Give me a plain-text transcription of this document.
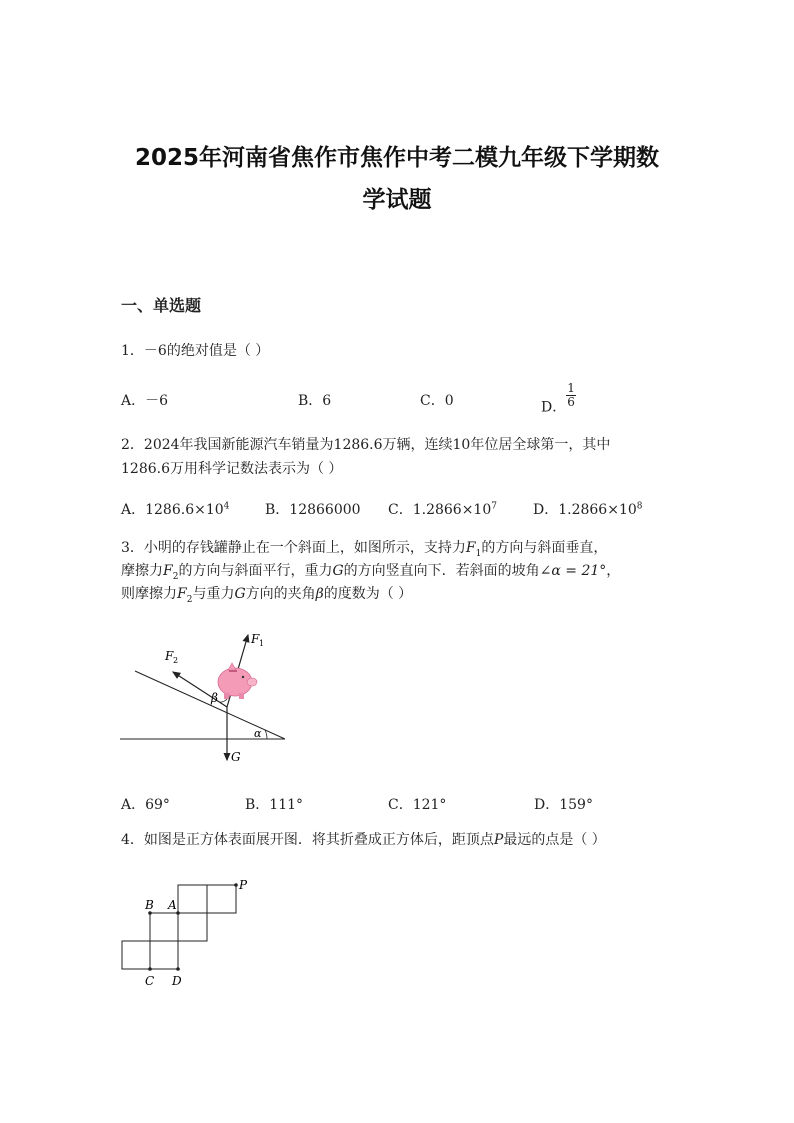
2025年河南省焦作市焦作中考二模九年级下学期数
学试题
一、单选题
1．－6的绝对值是（ ）
A．－6	B．6	C．0	D． $\frac{1}{6}$
2．2024年我国新能源汽车销量为1286.6万辆，连续10年位居全球第一，其中
1286.6万用科学记数法表示为（ ）
A．$1286.6\times 10^4$	B．12866000 C．$1.2866\times 10^7$	D．$1.2866\times 10^8$
3．小明的存钱罐静止在一个斜面上，如图所示，支持力$F_1$的方向与斜面垂直，
摩擦力$F_2$的方向与斜面平行，重力G的方向竖直向下．若斜面的坡角∠α = 21°，
则摩擦力$F_2$与重力G方向的夹角β的度数为（ ）
F 1
F 2
β
α
G
A．69°	B．111°	C．121°	D．159°
4．如图是正方体表面展开图．将其折叠成正方体后，距顶点P最远的点是（ ）
P
B A
C D
